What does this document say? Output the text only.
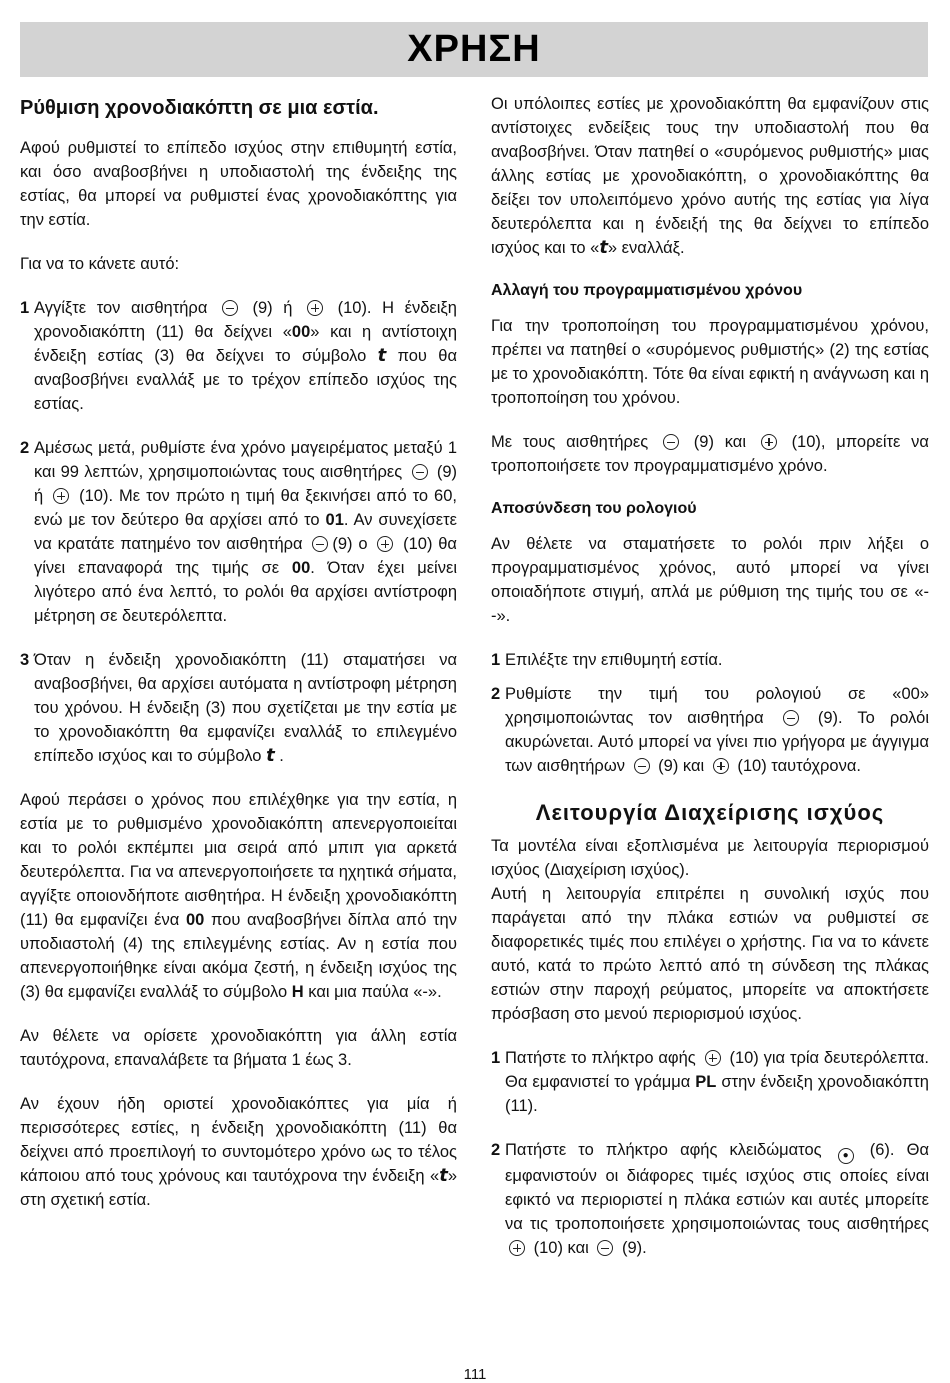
ΧΡΗΣΗ
Ρύθμιση χρονοδιακόπτη σε μια εστία.

Αφού ρυθμιστεί το επίπεδο ισχύος στην επιθυμητή εστία, και όσο αναβοσβήνει η υποδιαστολή της ένδειξης της εστίας, θα μπορεί να ρυθμιστεί ένας χρονοδιακόπτης για την εστία.

Για να το κάνετε αυτό:

1 Αγγίξτε τον αισθητήρα	(9) ή	(10). Η ένδειξη χρονοδιακόπτη (11) θα δείχνει «00» και η αντίστοιχη ένδειξη εστίας (3) θα δείχνει το σύμβολο t που θα αναβοσβήνει εναλλάξ με το τρέχον επίπεδο ισχύος της εστίας.
2 Αμέσως μετά, ρυθμίστε ένα χρόνο μαγειρέματος μεταξύ 1 και 99 λεπτών, χρησιμοποιώντας τους αισθητήρες (9) ή (10). Με τον πρώτο η τιμή θα ξεκινήσει από το 60, ενώ με τον δεύτερο θα αρχίσει από το 01. Αν συνεχίσετε να κρατάτε πατημένο τον αισθητήρα (9) ο (10) θα γίνει επαναφορά της τιμής σε 00. Όταν έχει μείνει λιγότερο από ένα λεπτό, το ρολόι θα αρχίσει αντίστροφη μέτρηση σε δευτερόλεπτα.
3 Όταν η ένδειξη χρονοδιακόπτη (11) σταματήσει να αναβοσβήνει, θα αρχίσει αυτόματα η αντίστροφη μέτρηση του χρόνου. Η ένδειξη (3) που σχετίζεται με την εστία με το χρονοδιακόπτη θα εμφανίζει εναλλάξ το επιλεγμένο επίπεδο ισχύος και το σύμβολο t .

Αφού περάσει ο χρόνος που επιλέχθηκε για την εστία, η εστία με το ρυθμισμένο χρονοδιακόπτη απενεργοποιείται και το ρολόι εκπέμπει μια σειρά από μπιπ για αρκετά δευτερόλεπτα. Για να απενεργοποιήσετε τα ηχητικά σήματα, αγγίξτε οποιονδήποτε αισθητήρα. Η ένδειξη χρονοδιακόπτη (11) θα εμφανίζει ένα 00 που αναβοσβήνει δίπλα από την υποδιαστολή (4) της επιλεγμένης εστίας. Αν η εστία που απενεργοποιήθηκε είναι ακόμα ζεστή, η ένδειξη ισχύος της (3) θα εμφανίζει εναλλάξ το σύμβολο H και μια παύλα «-».

Αν θέλετε να ορίσετε χρονοδιακόπτη για άλλη εστία ταυτόχρονα, επαναλάβετε τα βήματα 1 έως 3.

Αν έχουν ήδη οριστεί χρονοδιακόπτες για μία ή περισσότερες εστίες, η ένδειξη χρονοδιακόπτη (11) θα δείχνει από προεπιλογή το συντομότερο χρόνο ως το τέλος κάποιου από τους χρόνους και ταυτόχρονα την ένδειξη «t» στη σχετική εστία.

Οι υπόλοιπες εστίες με χρονοδιακόπτη θα εμφανίζουν στις αντίστοιχες ενδείξεις τους την υποδιαστολή που θα αναβοσβήνει. Όταν πατηθεί ο «συρόμενος ρυθμιστής» μιας άλλης εστίας με χρονοδιακόπτη, ο χρονοδιακόπτης θα δείξει τον υπολειπόμενο χρόνο αυτής της εστίας για λίγα δευτερόλεπτα και η ένδειξή της θα δείχνει το επίπεδο ισχύος και το «t» εναλλάξ.

Αλλαγή του προγραμματισμένου χρόνου

Για την τροποποίηση του προγραμματισμένου χρόνου, πρέπει να πατηθεί ο «συρόμενος ρυθμιστής» (2) της εστίας με το χρονοδιακόπτη. Τότε θα είναι εφικτή η ανάγνωση και η τροποποίηση του χρόνου.

Με τους αισθητήρες	(9) και	(10), μπορείτε να τροποποιήσετε τον προγραμματισμένο χρόνο.

Αποσύνδεση του ρολογιού

Αν θέλετε να σταματήσετε το ρολόι πριν λήξει ο προγραμματισμένος χρόνος, αυτό μπορεί να γίνει οποιαδήποτε στιγμή, απλά με ρύθμιση της τιμής του σε «--».

1 Επιλέξτε την επιθυμητή εστία.
2 Ρυθμίστε την τιμή του ρολογιού σε «00» χρησιμοποιώντας τον αισθητήρα	(9). Το ρολόι ακυρώνεται. Αυτό μπορεί να γίνει πιο γρήγορα με άγγιγμα των αισθητήρων (9) και (10) ταυτόχρονα.
Λειτουργία Διαχείρισης ισχύος

Τα μοντέλα είναι εξοπλισμένα με λειτουργία περιορισμού ισχύος (Διαχείριση ισχύος).

Αυτή η λειτουργία επιτρέπει η συνολική ισχύς που παράγεται από την πλάκα εστιών να ρυθμιστεί σε διαφορετικές τιμές που επιλέγει ο χρήστης. Για να το κάνετε αυτό, κατά το πρώτο λεπτό από τη σύνδεση της πλάκας εστιών στην παροχή ρεύματος, μπορείτε να αποκτήσετε πρόσβαση στο μενού περιορισμού ισχύος.

1 Πατήστε το πλήκτρο αφής (10) για τρία δευτερόλεπτα. Θα εμφανιστεί το γράμμα PL στην ένδειξη χρονοδιακόπτη (11).
2 Πατήστε το πλήκτρο αφής κλειδώματος ● (6). Θα εμφανιστούν οι διάφορες τιμές ισχύος στις οποίες είναι εφικτό να περιοριστεί η πλάκα εστιών και αυτές μπορείτε να τις τροποποιήσετε χρησιμοποιώντας τους αισθητήρες  (10) και (9).
111
